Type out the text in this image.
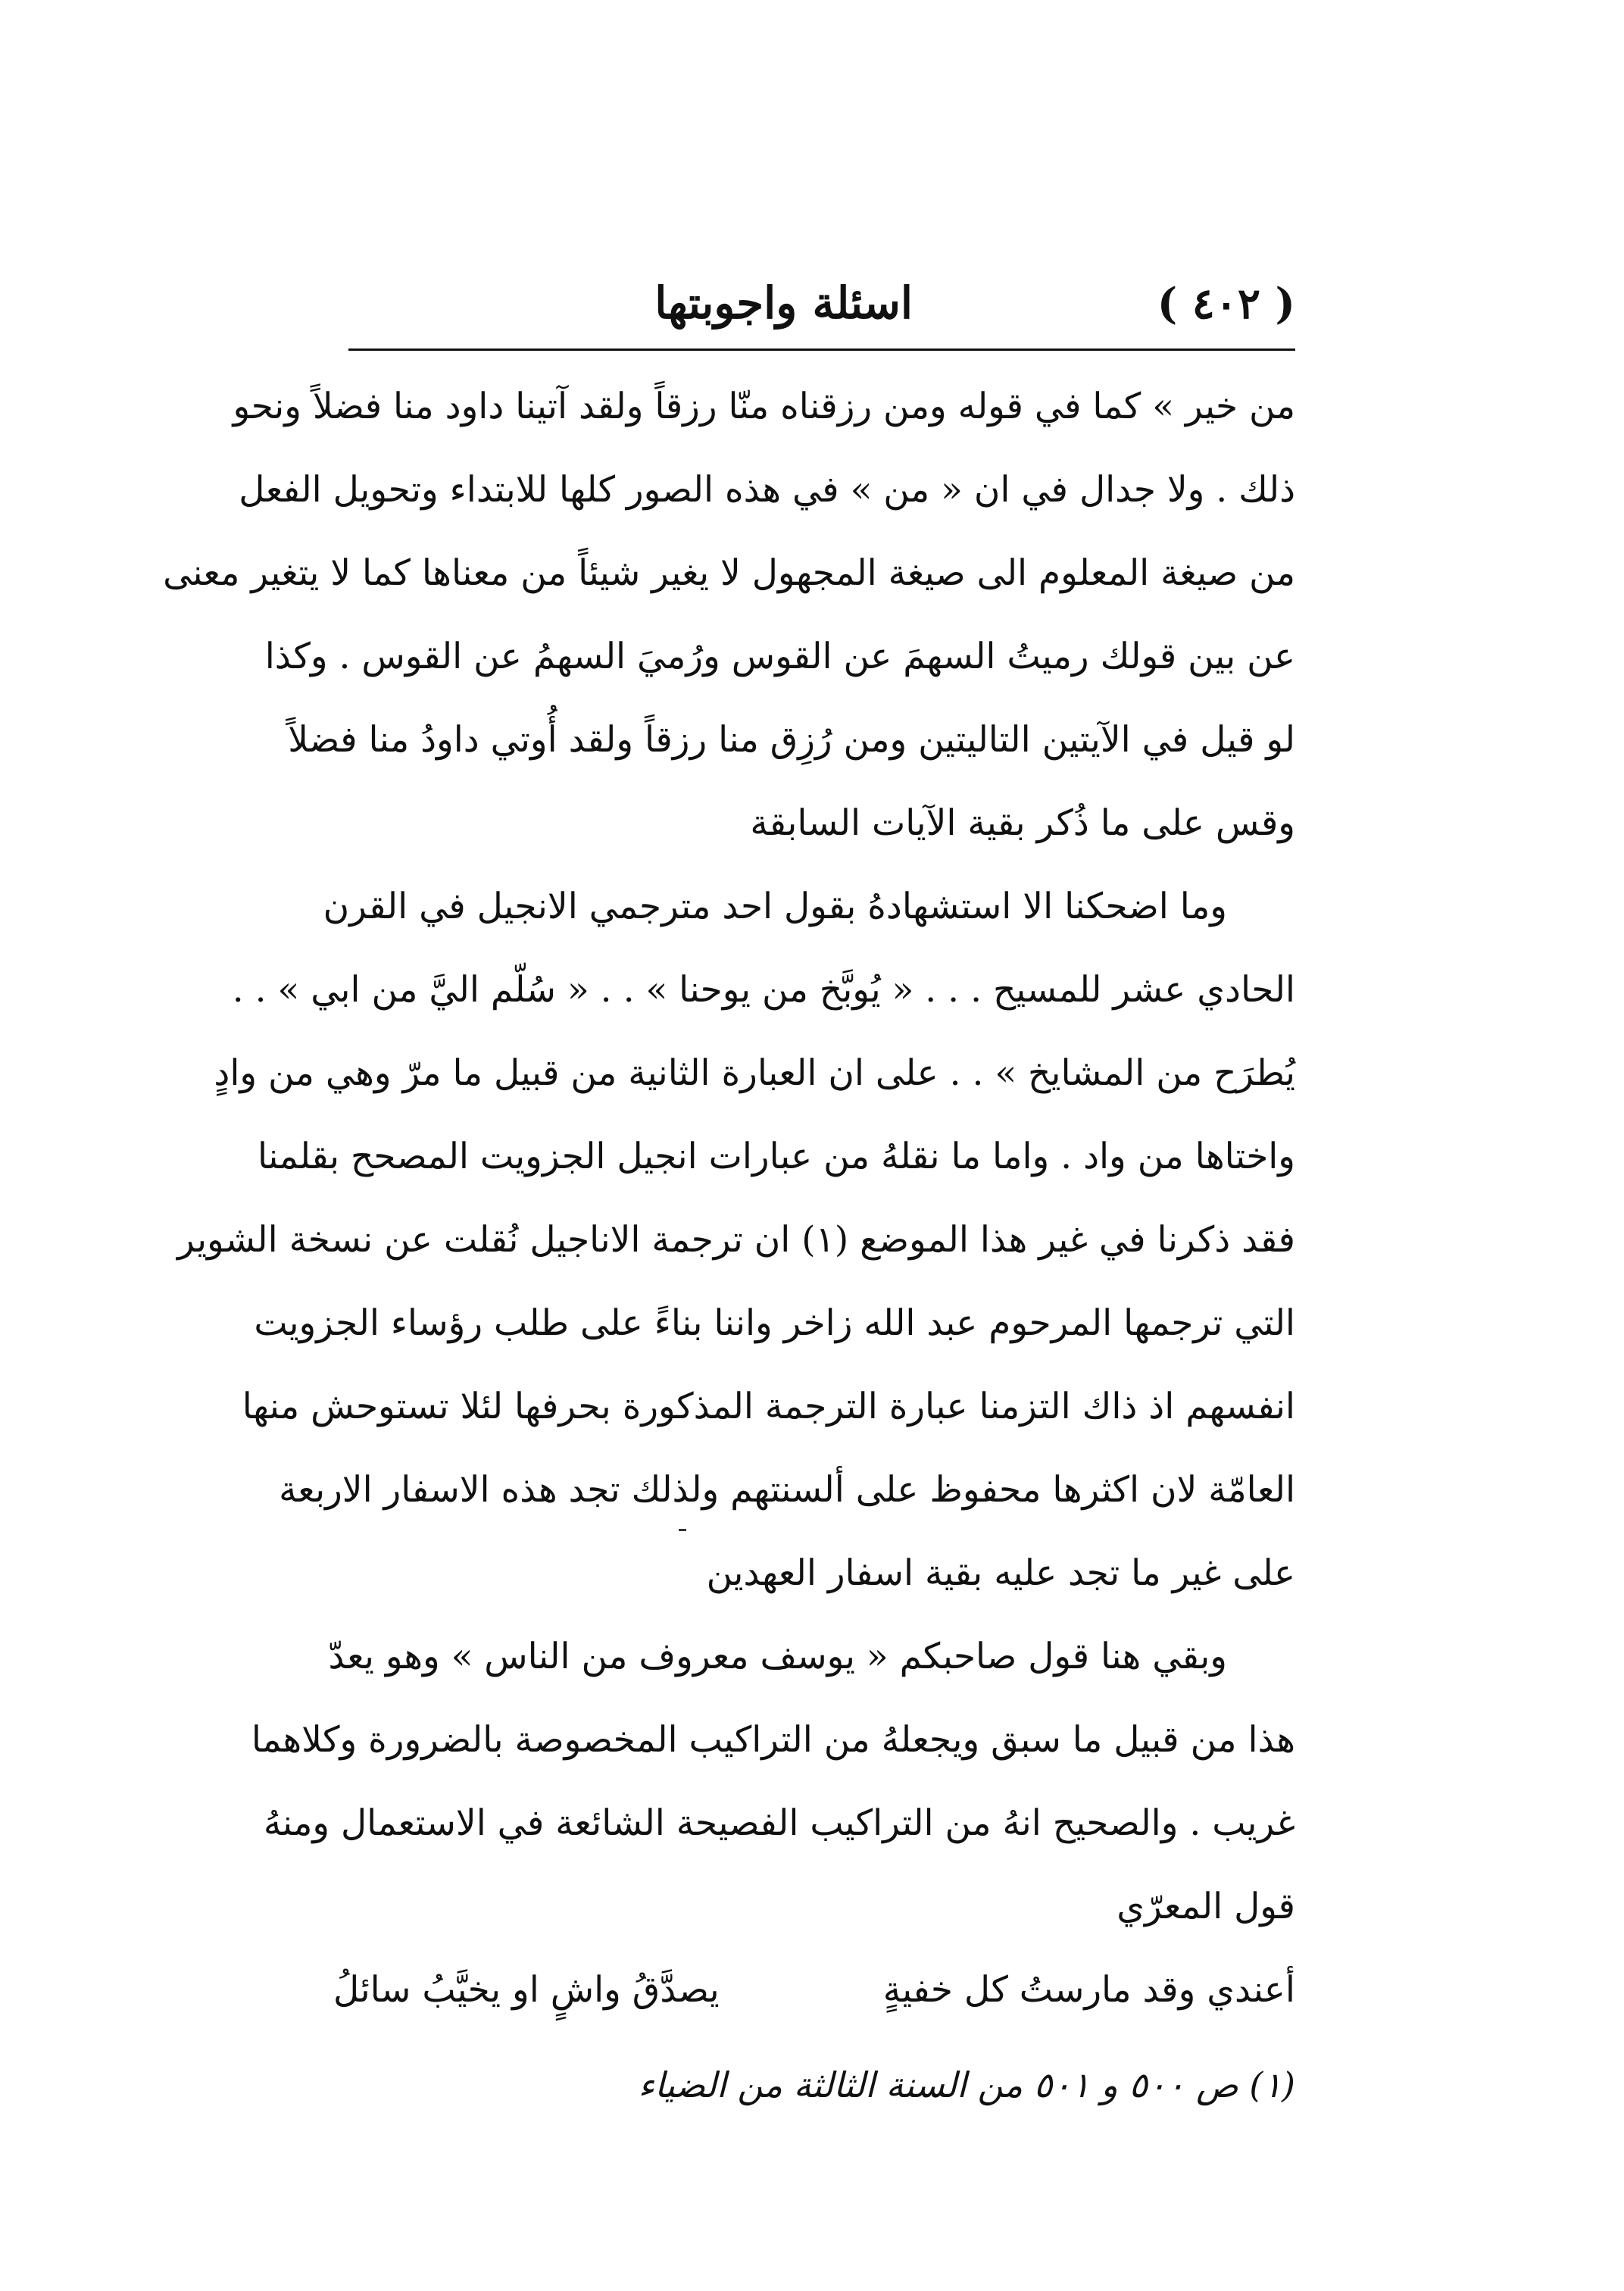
( ٤٠٢ )
اسئلة واجوبتها
من خير » كما في قوله ومن رزقناه منّا رزقاً ولقد آتينا داود منا فضلاً ونحو
ذلك . ولا جدال في ان « من » في هذه الصور كلها للابتداء وتحويل الفعل
من صيغة المعلوم الى صيغة المجهول لا يغير شيئاً من معناها كما لا يتغير معنى
عن بين قولك رميتُ السهمَ عن القوس ورُميَ السهمُ عن القوس . وكذا
لو قيل في الآيتين التاليتين ومن رُزِق منا رزقاً ولقد أُوتي داودُ منا فضلاً
وقس على ما ذُكر بقية الآيات السابقة
وما اضحكنا الا استشهادهُ بقول احد مترجمي الانجيل في القرن
الحادي عشر للمسيح . . . « يُوبَّخ من يوحنا » . . « سُلّم اليَّ من ابي » . .
يُطرَح من المشايخ » . . على ان العبارة الثانية من قبيل ما مرّ وهي من وادٍ
واختاها من واد . واما ما نقلهُ من عبارات انجيل الجزويت المصحح بقلمنا
فقد ذكرنا في غير هذا الموضع (١) ان ترجمة الاناجيل نُقلت عن نسخة الشوير
التي ترجمها المرحوم عبد الله زاخر واننا بناءً على طلب رؤساء الجزويت
انفسهم اذ ذاك التزمنا عبارة الترجمة المذكورة بحرفها لئلا تستوحش منها
العامّة لان اكثرها محفوظ على ألسنتهم ولذلك تجد هذه الاسفار الاربعة
على غير ما تجد عليه بقية اسفار العهدين
وبقي هنا قول صاحبكم « يوسف معروف من الناس » وهو يعدّ
هذا من قبيل ما سبق ويجعلهُ من التراكيب المخصوصة بالضرورة وكلاهما
غريب . والصحيح انهُ من التراكيب الفصيحة الشائعة في الاستعمال ومنهُ
قول المعرّي
أعندي وقد مارستُ كل خفيةٍ
يصدَّقُ واشٍ او يخيَّبُ سائلُ
(١) ص ٥٠٠ و ٥٠١ من السنة الثالثة من الضياء
